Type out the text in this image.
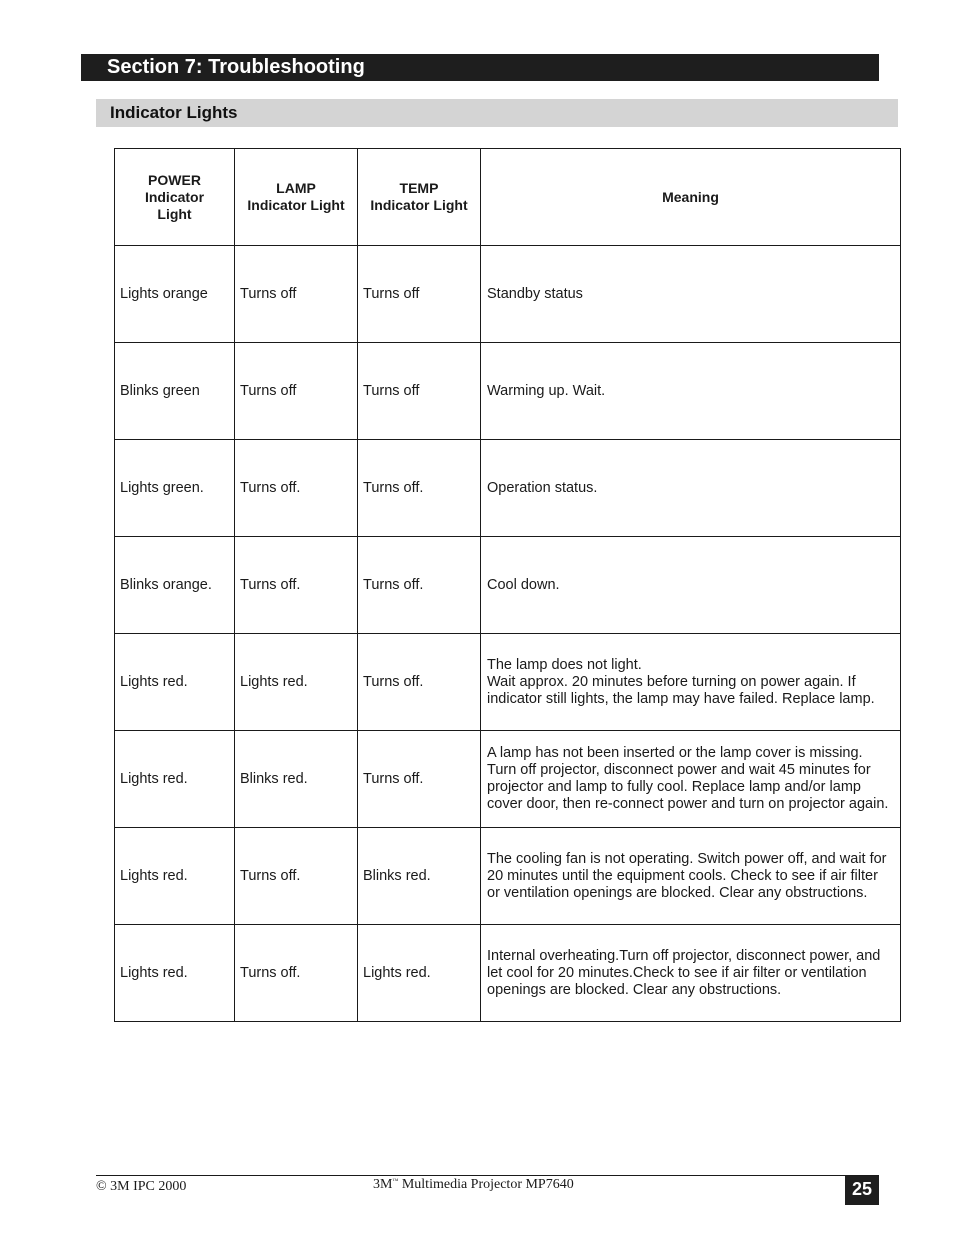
Section 7: Troubleshooting
Indicator Lights
POWER
Indicator
Light	LAMP
Indicator Light	TEMP
Indicator Light	Meaning

Lights orange	Turns off	Turns off	Standby status

Blinks green	Turns off	Turns off	Warming up. Wait.

Lights green.	Turns off.	Turns off.	Operation status.

Blinks orange.	Turns off.	Turns off.	Cool down.

Lights red.	Lights red.	Turns off.	The lamp does not light.
Wait approx. 20 minutes before turning on power again. If indicator still lights, the lamp may have failed. Replace lamp.

Lights red.	Blinks red.	Turns off.	A lamp has not been inserted or the lamp cover is missing. Turn off projector, disconnect power and wait 45 minutes for projector and lamp to fully cool. Replace lamp and/or lamp cover door, then re-connect power and turn on projector again.

Lights red.	Turns off.	Blinks red.	The cooling fan is not operating. Switch power off, and wait for 20 minutes until the equipment cools. Check to see if air filter or ventilation openings are blocked. Clear any obstructions.

Lights red.	Turns off.	Lights red.	Internal overheating.Turn off projector, disconnect power, and let cool for 20 minutes.Check to see if air filter or ventilation openings are blocked. Clear any obstructions.
© 3M IPC 2000	3M™ Multimedia Projector MP7640	25
